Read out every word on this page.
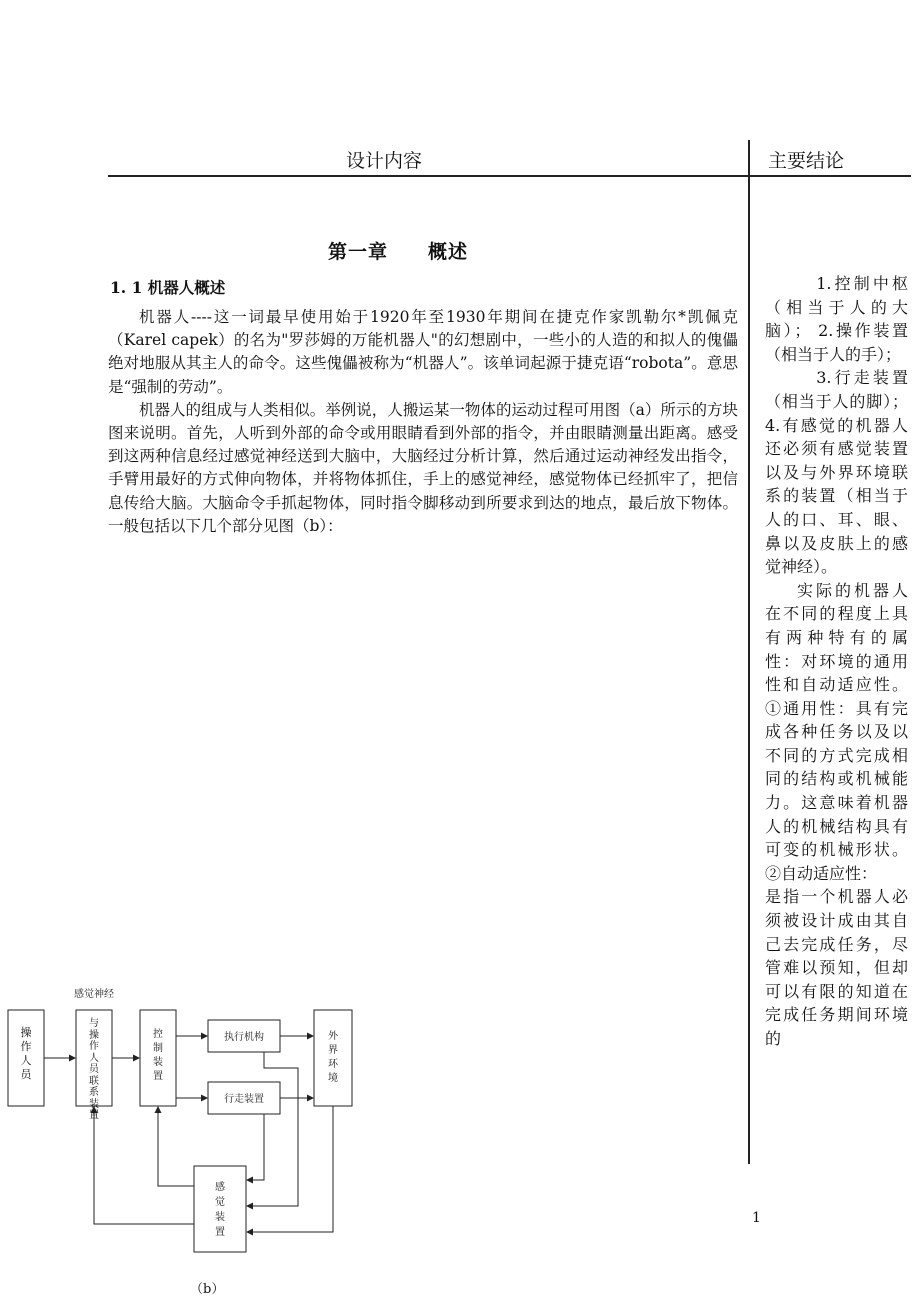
设计内容	主要结论
第一章　　概述
1. 1 机器人概述

机器人----这一词最早使用始于1920年至1930年期间在捷克作家凯勒尔*凯佩克（Karel capek）的名为"罗莎姆的万能机器人"的幻想剧中，一些小的人造的和拟人的傀儡绝对地服从其主人的命令。这些傀儡被称为“机器人”。该单词起源于捷克语“robota”。意思是“强制的劳动”。

机器人的组成与人类相似。举例说，人搬运某一物体的运动过程可用图（a）所示的方块图来说明。首先，人听到外部的命令或用眼睛看到外部的指令，并由眼睛测量出距离。感受到这两种信息经过感觉神经送到大脑中，大脑经过分析计算，然后通过运动神经发出指令，手臂用最好的方式伸向物体，并将物体抓住，手上的感觉神经，感觉物体已经抓牢了，把信息传给大脑。大脑命令手抓起物体，同时指令脚移动到所要求到达的地点，最后放下物体。一般包括以下几个部分见图（b）：

1.控制中枢（相当于人的大脑）； 2.操作装置（相当于人的手）；

3.行走装置（相当于人的脚）； 4.有感觉的机器人还必须有感觉装置以及与外界环境联系的装置（相当于人的口、耳、眼、鼻以及皮肤上的感觉神经）。

实际的机器人在不同的程度上具有两种特有的属性：对环境的通用性和自动适应性。①通用性：具有完成各种任务以及以不同的方式完成相同的结构或机械能力。这意味着机器人的机械结构具有可变的机械形状。②自动适应性：

是指一个机器人必须被设计成由其自己去完成任务，尽管难以预知，但却可以有限的知道在完成任务期间环境的

感觉神经
执行机构
行走装置
操作人员
与操作人员联系装置
控制装置
外界环境
感觉装置
（b）
1
